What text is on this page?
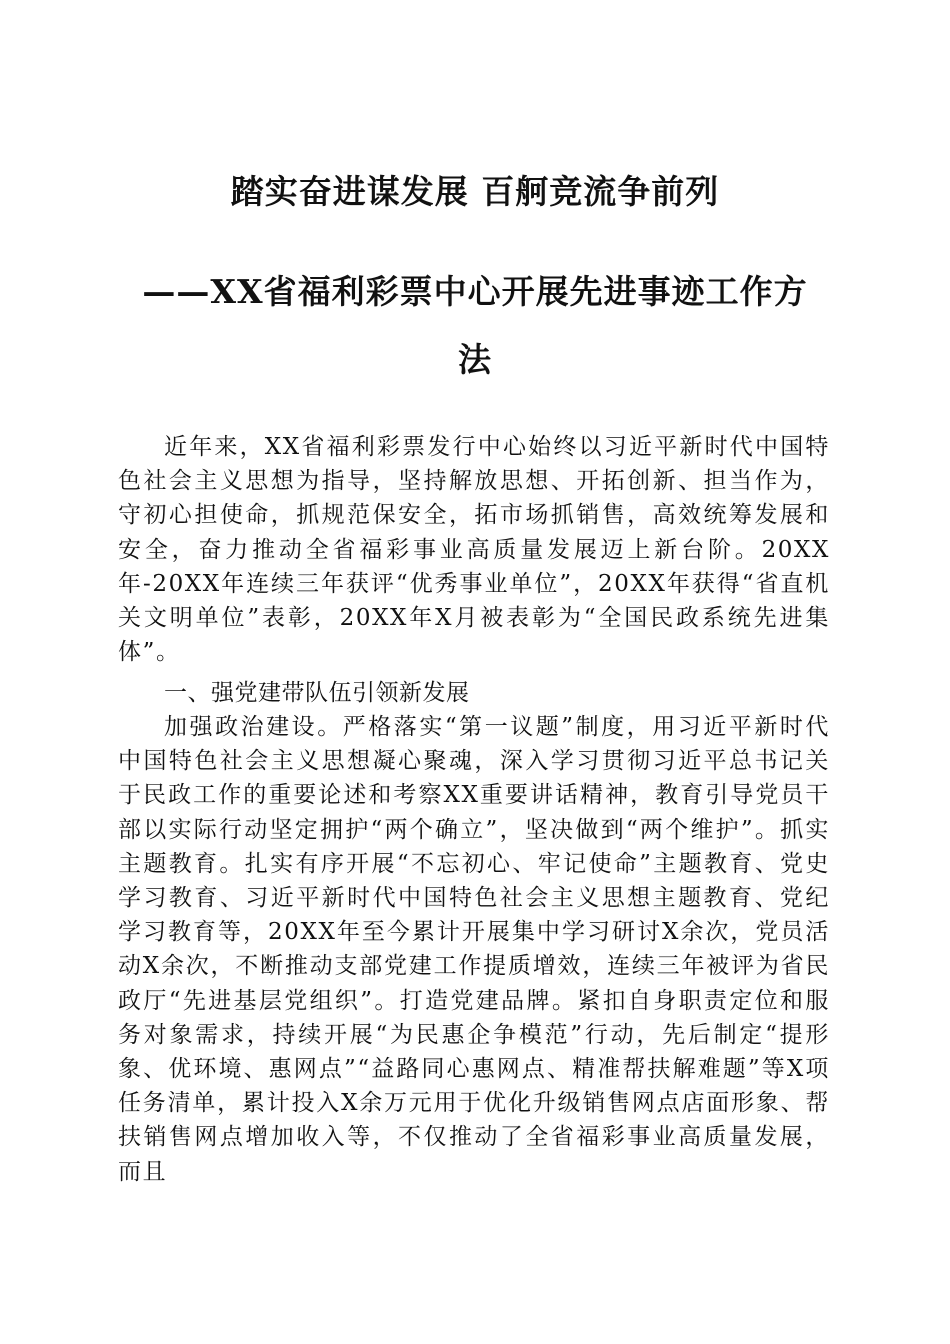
踏实奋进谋发展 百舸竞流争前列
——XX省福利彩票中心开展先进事迹工作方
法

近年来，XX省福利彩票发行中心始终以习近平新时代中国特色社会主义思想为指导，坚持解放思想、开拓创新、担当作为，守初心担使命，抓规范保安全，拓市场抓销售，高效统筹发展和安全，奋力推动全省福彩事业高质量发展迈上新台阶。20XX年-20XX年连续三年获评“优秀事业单位”，20XX年获得“省直机关文明单位”表彰，20XX年X月被表彰为“全国民政系统先进集体”。

一、强党建带队伍引领新发展

加强政治建设。严格落实“第一议题”制度，用习近平新时代中国特色社会主义思想凝心聚魂，深入学习贯彻习近平总书记关于民政工作的重要论述和考察XX重要讲话精神，教育引导党员干部以实际行动坚定拥护“两个确立”，坚决做到“两个维护”。抓实主题教育。扎实有序开展“不忘初心、牢记使命”主题教育、党史学习教育、习近平新时代中国特色社会主义思想主题教育、党纪学习教育等，20XX年至今累计开展集中学习研讨X余次，党员活动X余次，不断推动支部党建工作提质增效，连续三年被评为省民政厅“先进基层党组织”。打造党建品牌。紧扣自身职责定位和服务对象需求，持续开展“为民惠企争模范”行动，先后制定“提形象、优环境、惠网点”“益路同心惠网点、精准帮扶解难题”等X项任务清单，累计投入X余万元用于优化升级销售网点店面形象、帮扶销售网点增加收入等，不仅推动了全省福彩事业高质量发展，而且
